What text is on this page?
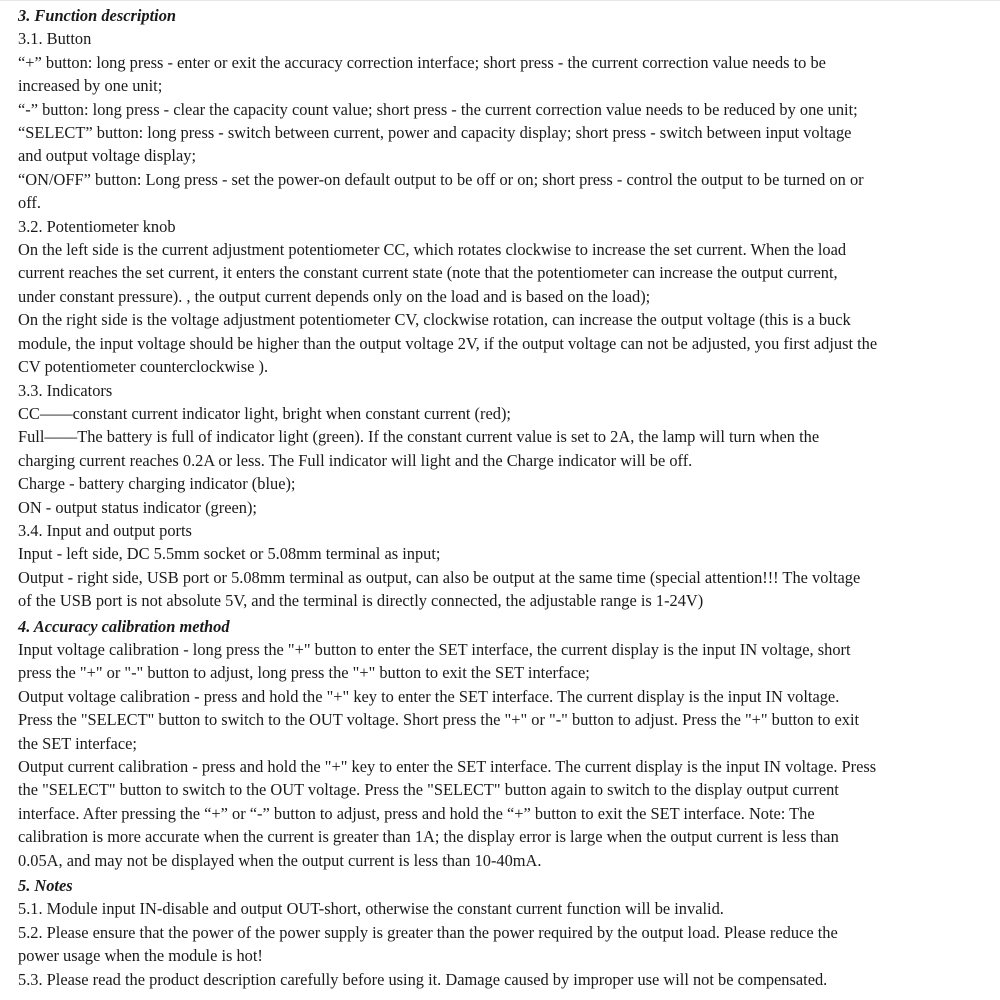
3. Function description
3.1. Button
“+” button: long press - enter or exit the accuracy correction interface; short press - the current correction value needs to be
increased by one unit;
“-” button: long press - clear the capacity count value; short press - the current correction value needs to be reduced by one unit;
“SELECT” button: long press - switch between current, power and capacity display; short press - switch between input voltage
and output voltage display;
“ON/OFF” button: Long press - set the power-on default output to be off or on; short press - control the output to be turned on or
off.
3.2. Potentiometer knob
On the left side is the current adjustment potentiometer CC, which rotates clockwise to increase the set current. When the load
current reaches the set current, it enters the constant current state (note that the potentiometer can increase the output current,
under constant pressure). , the output current depends only on the load and is based on the load);
On the right side is the voltage adjustment potentiometer CV, clockwise rotation, can increase the output voltage (this is a buck
module, the input voltage should be higher than the output voltage 2V, if the output voltage can not be adjusted, you first adjust the
CV potentiometer counterclockwise ).
3.3. Indicators
CC——constant current indicator light, bright when constant current (red);
Full——The battery is full of indicator light (green). If the constant current value is set to 2A, the lamp will turn when the
charging current reaches 0.2A or less. The Full indicator will light and the Charge indicator will be off.
Charge - battery charging indicator (blue);
ON - output status indicator (green);
3.4. Input and output ports
Input - left side, DC 5.5mm socket or 5.08mm terminal as input;
Output - right side, USB port or 5.08mm terminal as output, can also be output at the same time (special attention!!! The voltage
of the USB port is not absolute 5V, and the terminal is directly connected, the adjustable range is 1-24V)
4. Accuracy calibration method
Input voltage calibration - long press the "+" button to enter the SET interface, the current display is the input IN voltage, short
press the "+" or "-" button to adjust, long press the "+" button to exit the SET interface;
Output voltage calibration - press and hold the "+" key to enter the SET interface. The current display is the input IN voltage.
Press the "SELECT" button to switch to the OUT voltage. Short press the "+" or "-" button to adjust. Press the "+" button to exit
the SET interface;
Output current calibration - press and hold the "+" key to enter the SET interface. The current display is the input IN voltage. Press
the "SELECT" button to switch to the OUT voltage. Press the "SELECT" button again to switch to the display output current
interface. After pressing the “+” or “-” button to adjust, press and hold the “+” button to exit the SET interface. Note: The
calibration is more accurate when the current is greater than 1A; the display error is large when the output current is less than
0.05A, and may not be displayed when the output current is less than 10-40mA.
5. Notes
5.1. Module input IN-disable and output OUT-short, otherwise the constant current function will be invalid.
5.2. Please ensure that the power of the power supply is greater than the power required by the output load. Please reduce the
power usage when the module is hot!
5.3. Please read the product description carefully before using it. Damage caused by improper use will not be compensated.
